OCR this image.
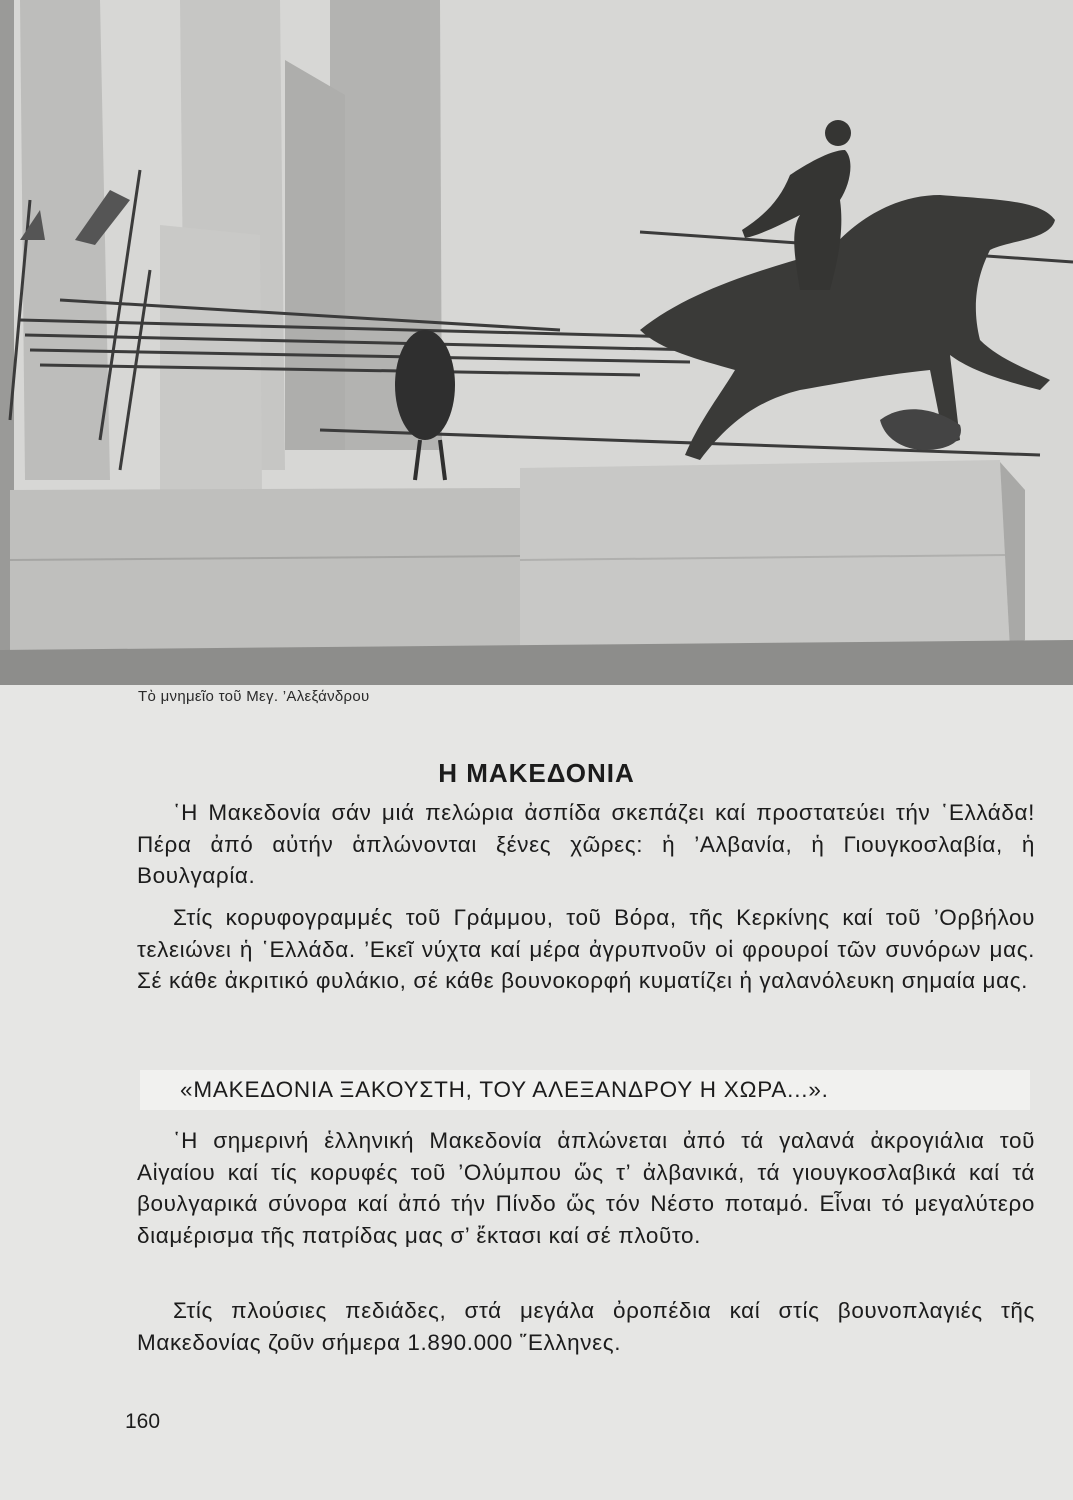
Τὸ μνημεῖο τοῦ Μεγ. ’Αλεξάνδρου
Η ΜΑΚΕΔΟΝΙΑ

῾Η Μακεδονία σάν μιά πελώρια ἀσπίδα σκεπάζει καί προστατεύει τήν ῾Ελλάδα! Πέρα ἀπό αὐτήν ἁπλώνονται ξένες χῶρες: ἡ ’Αλβανία, ἡ Γιουγκοσλαβία, ἡ Βουλγαρία.

Στίς κορυφογραμμές τοῦ Γράμμου, τοῦ Βόρα, τῆς Κερκίνης καί τοῦ ’Ορβήλου τελειώνει ἡ ῾Ελλάδα. ’Εκεῖ νύχτα καί μέρα ἀγρυπνοῦν οἱ φρουροί τῶν συνόρων μας. Σέ κάθε ἀκριτικό φυλάκιο, σέ κάθε βουνοκορφή κυματίζει ἡ γαλανόλευκη σημαία μας.

«ΜΑΚΕΔΟΝΙΑ ΞΑΚΟΥΣΤΗ, ΤΟΥ ΑΛΕΞΑΝΔΡΟΥ Η ΧΩΡΑ...».

῾Η σημερινή ἑλληνική Μακεδονία ἁπλώνεται ἀπό τά γαλανά ἀκρογιάλια τοῦ Αἰγαίου καί τίς κορυφές τοῦ ’Ολύμπου ὥς τ’ ἀλβανικά, τά γιουγκοσλαβικά καί τά βουλγαρικά σύνορα καί ἀπό τήν Πίνδο ὥς τόν Νέστο ποταμό. Εἶναι τό μεγαλύτερο διαμέρισμα τῆς πατρίδας μας σ’ ἔκτασι καί σέ πλοῦτο.

Στίς πλούσιες πεδιάδες, στά μεγάλα ὀροπέδια καί στίς βουνοπλαγιές τῆς Μακεδονίας ζοῦν σήμερα 1.890.000 ῞Ελληνες.

160
